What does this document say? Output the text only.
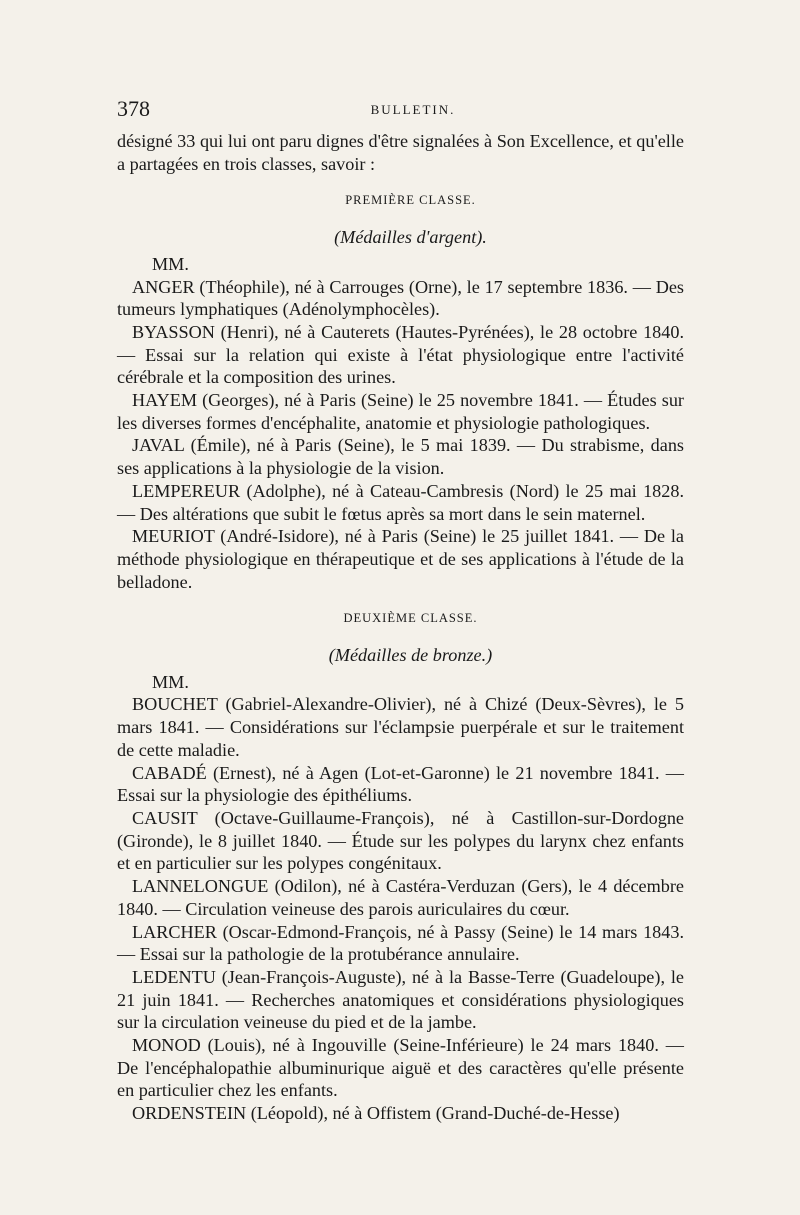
378	BULLETIN.

désigné 33 qui lui ont paru dignes d'être signalées à Son Excellence, et qu'elle a partagées en trois classes, savoir :

PREMIÈRE CLASSE.

(Médailles d'argent).

MM.

ANGER (Théophile), né à Carrouges (Orne), le 17 septembre 1836. — Des tumeurs lymphatiques (Adénolymphocèles).

BYASSON (Henri), né à Cauterets (Hautes-Pyrénées), le 28 octobre 1840. — Essai sur la relation qui existe à l'état physiologique entre l'activité cérébrale et la composition des urines.

HAYEM (Georges), né à Paris (Seine) le 25 novembre 1841. — Études sur les diverses formes d'encéphalite, anatomie et physiologie pathologiques.

JAVAL (Émile), né à Paris (Seine), le 5 mai 1839. — Du strabisme, dans ses applications à la physiologie de la vision.

LEMPEREUR (Adolphe), né à Cateau-Cambresis (Nord) le 25 mai 1828. — Des altérations que subit le fœtus après sa mort dans le sein maternel.

MEURIOT (André-Isidore), né à Paris (Seine) le 25 juillet 1841. — De la méthode physiologique en thérapeutique et de ses applications à l'étude de la belladone.

DEUXIÈME CLASSE.

(Médailles de bronze.)

MM.

BOUCHET (Gabriel-Alexandre-Olivier), né à Chizé (Deux-Sèvres), le 5 mars 1841. — Considérations sur l'éclampsie puerpérale et sur le traitement de cette maladie.

CABADÉ (Ernest), né à Agen (Lot-et-Garonne) le 21 novembre 1841. — Essai sur la physiologie des épithéliums.

CAUSIT (Octave-Guillaume-François), né à Castillon-sur-Dordogne (Gironde), le 8 juillet 1840. — Étude sur les polypes du larynx chez enfants et en particulier sur les polypes congénitaux.

LANNELONGUE (Odilon), né à Castéra-Verduzan (Gers), le 4 décembre 1840. — Circulation veineuse des parois auriculaires du cœur.

LARCHER (Oscar-Edmond-François, né à Passy (Seine) le 14 mars 1843. — Essai sur la pathologie de la protubérance annulaire.

LEDENTU (Jean-François-Auguste), né à la Basse-Terre (Guadeloupe), le 21 juin 1841. — Recherches anatomiques et considérations physiologiques sur la circulation veineuse du pied et de la jambe.

MONOD (Louis), né à Ingouville (Seine-Inférieure) le 24 mars 1840. — De l'encéphalopathie albuminurique aiguë et des caractères qu'elle présente en particulier chez les enfants.

ORDENSTEIN (Léopold), né à Offistem (Grand-Duché-de-Hesse)
